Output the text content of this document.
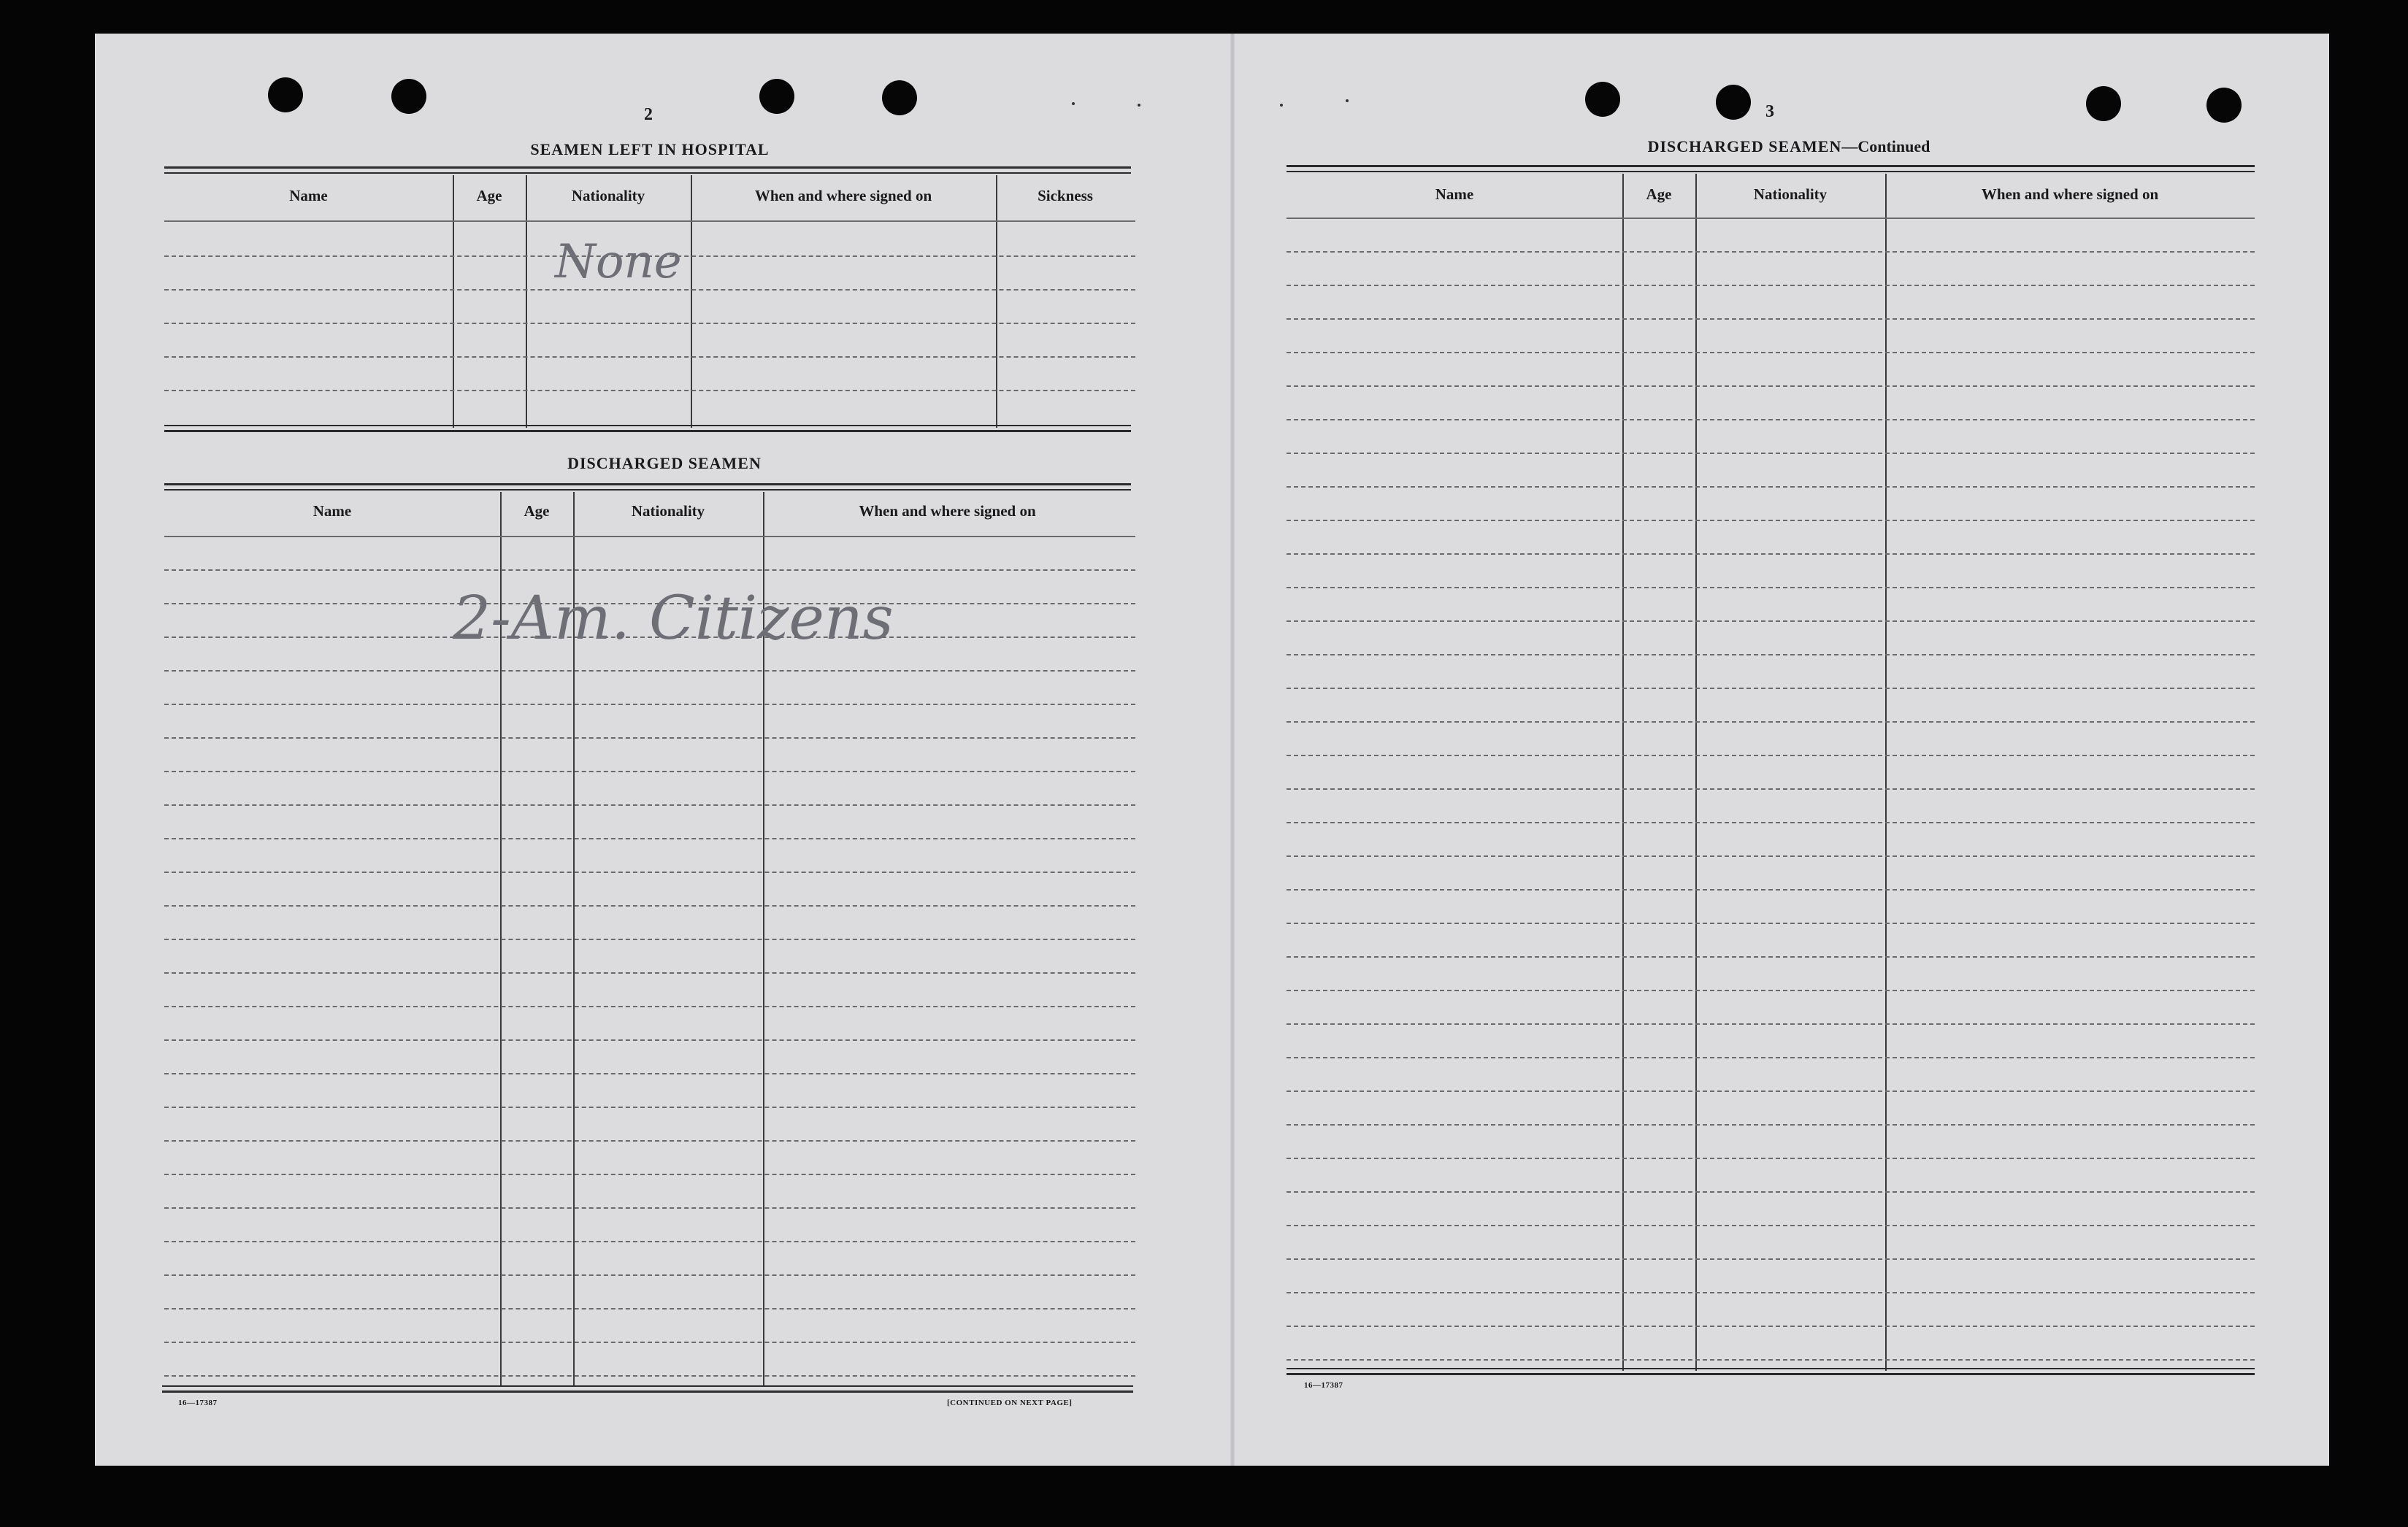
2
SEAMEN LEFT IN HOSPITAL
Name	Age	Nationality	When and where signed on	Sickness
None
DISCHARGED SEAMEN
Name	Age	Nationality	When and where signed on
2-Am. Citizens
16—17387	[CONTINUED ON NEXT PAGE]
3
DISCHARGED SEAMEN—Continued
Name	Age	Nationality	When and where signed on
16—17387
